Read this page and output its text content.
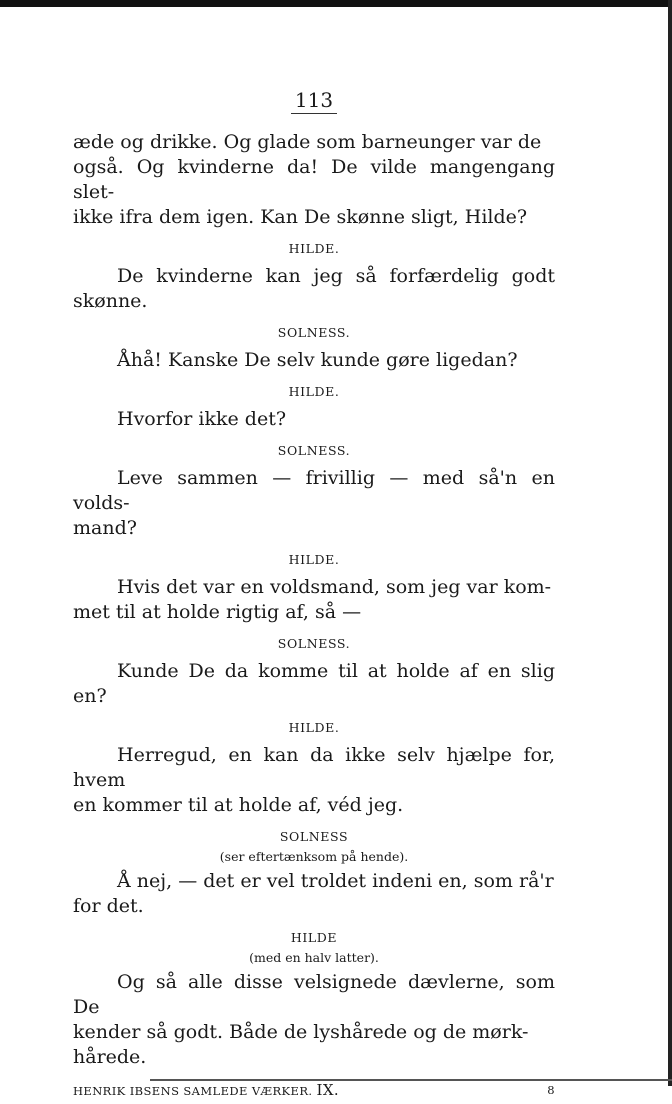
113

æde og drikke. Og glade som barneunger var de
også. Og kvinderne da! De vilde mangengang slet-
ikke ifra dem igen. Kan De skønne sligt, Hilde?

HILDE.

De kvinderne kan jeg så forfærdelig godt skønne.

SOLNESS.

Åhå! Kanske De selv kunde gøre ligedan?

HILDE.

Hvorfor ikke det?

SOLNESS.

Leve sammen — frivillig — med så'n en volds-
mand?

HILDE.

Hvis det var en voldsmand, som jeg var kom-
met til at holde rigtig af, så —

SOLNESS.

Kunde De da komme til at holde af en slig en?

HILDE.

Herregud, en kan da ikke selv hjælpe for, hvem
en kommer til at holde af, véd jeg.

SOLNESS
(ser eftertænksom på hende).

Å nej, — det er vel troldet indeni en, som rå'r
for det.

HILDE
(med en halv latter).

Og så alle disse velsignede dævlerne, som De
kender så godt. Både de lyshårede og de mørk-
hårede.

HENRIK IBSENS SAMLEDE VÆRKER. IX.	8
